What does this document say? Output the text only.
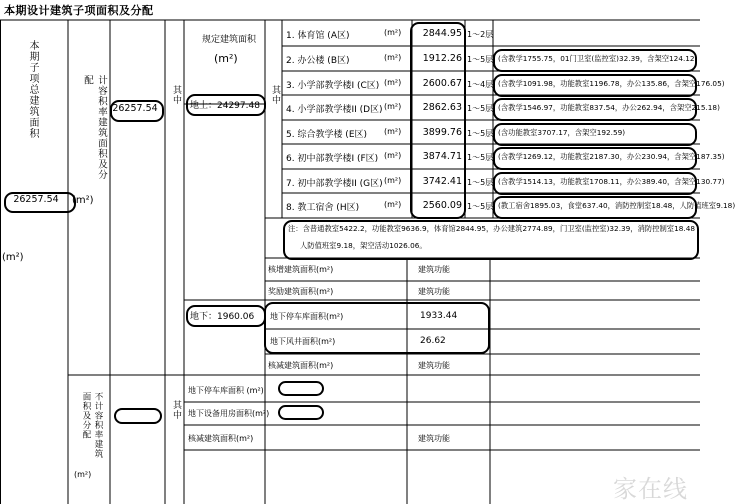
本期设计建筑子项面积及分配
本期子项总建筑面积
(m²)
26257.54
计容积率建筑面积及分配
(m²)
26257.54
其中
其中
其中
规定建筑面积
(m²)
地上：24297.48
地下：1960.06
1. 体育馆 (A区)	(m²)	2844.95 1～2层
2. 办公楼 (B区)	(m²)	1912.26 1～5层 (含教学1755.75，01门卫室(监控室)32.39，含架空124.12)
3. 小学部教学楼I (C区) (m²)	2600.67 1～4层 (含教学1091.98，功能教室1196.78，办公135.86，含架空176.05)
4. 小学部教学楼II (D区) (m²)	2862.63 1～5层 (含教学1546.97，功能教室837.54，办公262.94，含架空215.18)
5. 综合教学楼 (E区) (m²)	3899.76 1～5层 (含功能教室3707.17，含架空192.59)
6. 初中部教学楼I (F区) (m²)	3874.71 1～5层 (含教学1269.12，功能教室2187.30，办公230.94，含架空187.35)
7. 初中部教学楼II (G区) (m²)	3742.41 1～5层 (含教学1514.13，功能教室1708.11，办公389.40，含架空130.77)
8. 教工宿舍 (H区)	(m²)	2560.09 1～5层 (教工宿舍1895.03，食堂637.40，消防控制室18.48，人防值班室9.18)
注：含普通教室5422.2，功能教室9636.9，体育馆2844.95，办公建筑2774.89，门卫室(监控室)32.39，消防控制室18.48
人防值班室9.18，架空活动1026.06。
核增建筑面积(m²)	建筑功能
奖励建筑面积(m²)	建筑功能
地下停车库面积(m²)	1933.44
地下风井面积(m²)	26.62
核减建筑面积(m²)	建筑功能
不计容积率建筑面积及分配
(m²)
地下停车库面积 (m²)
地下设备用房面积(m²)
核减建筑面积(m²)	建筑功能
家在线
